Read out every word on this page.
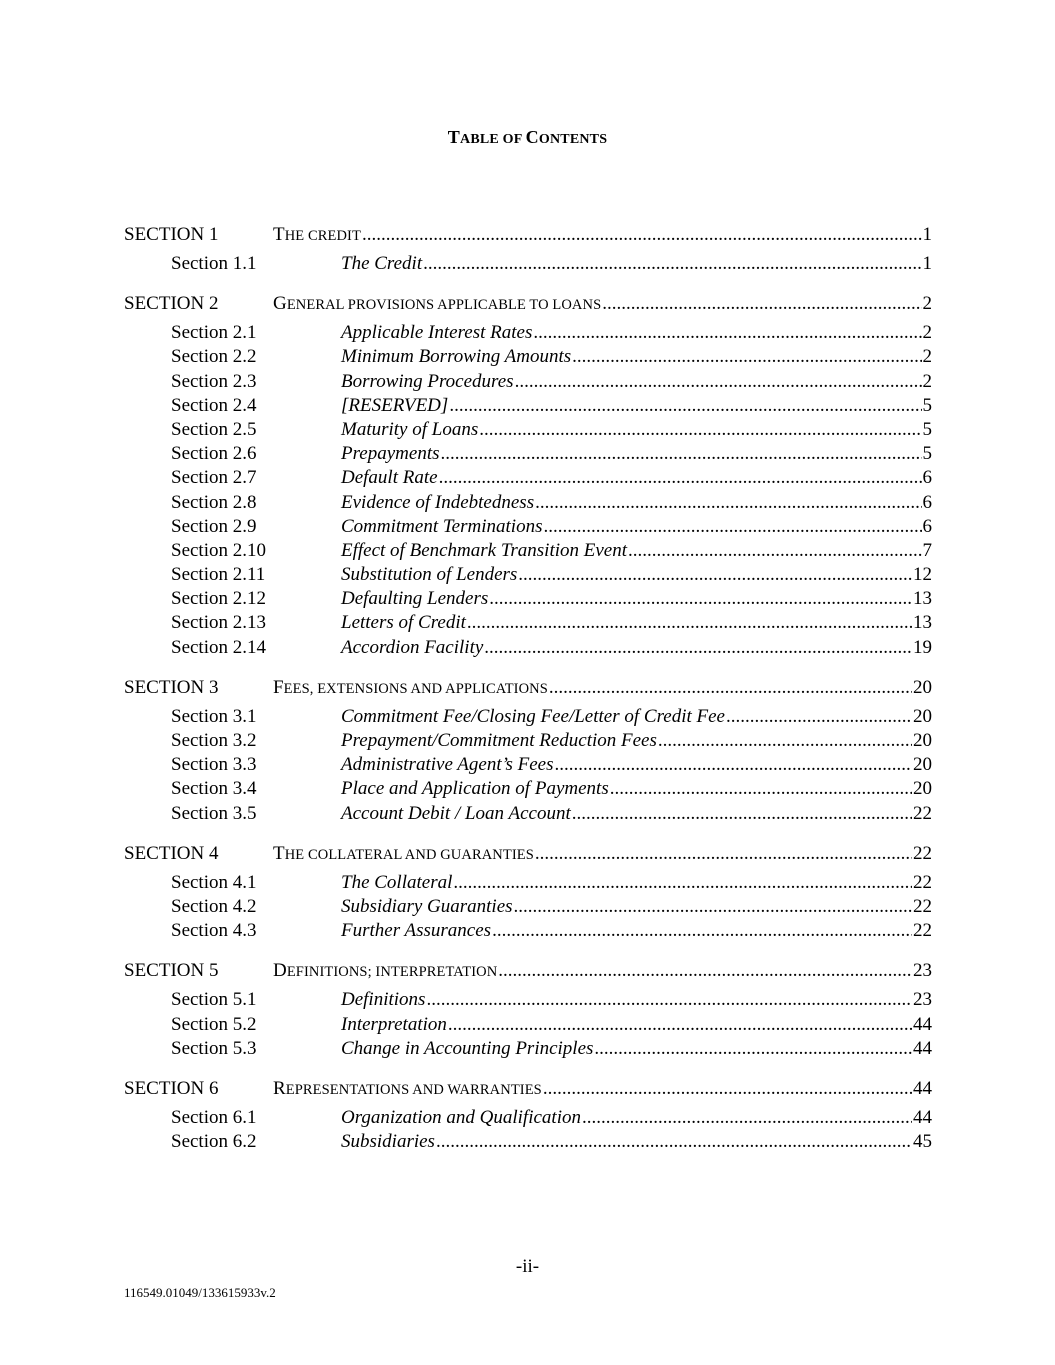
TABLE OF CONTENTS
SECTION 1	THE CREDIT .....	1
Section 1.1	The Credit .....	1
SECTION 2	GENERAL PROVISIONS APPLICABLE TO LOANS .....	2
Section 2.1	Applicable Interest Rates .....	2
Section 2.2	Minimum Borrowing Amounts .....	2
Section 2.3	Borrowing Procedures .....	2
Section 2.4	[RESERVED] .....	5
Section 2.5	Maturity of Loans .....	5
Section 2.6	Prepayments .....	5
Section 2.7	Default Rate .....	6
Section 2.8	Evidence of Indebtedness .....	6
Section 2.9	Commitment Terminations .....	6
Section 2.10	Effect of Benchmark Transition Event .....	7
Section 2.11	Substitution of Lenders .....	12
Section 2.12	Defaulting Lenders .....	13
Section 2.13	Letters of Credit .....	13
Section 2.14	Accordion Facility .....	19
SECTION 3	FEES, EXTENSIONS AND APPLICATIONS .....	20
Section 3.1	Commitment Fee/Closing Fee/Letter of Credit Fee .....	20
Section 3.2	Prepayment/Commitment Reduction Fees .....	20
Section 3.3	Administrative Agent’s Fees .....	20
Section 3.4	Place and Application of Payments .....	20
Section 3.5	Account Debit / Loan Account .....	22
SECTION 4	THE COLLATERAL AND GUARANTIES .....	22
Section 4.1	The Collateral .....	22
Section 4.2	Subsidiary Guaranties .....	22
Section 4.3	Further Assurances .....	22
SECTION 5	DEFINITIONS; INTERPRETATION .....	23
Section 5.1	Definitions .....	23
Section 5.2	Interpretation .....	44
Section 5.3	Change in Accounting Principles .....	44
SECTION 6	REPRESENTATIONS AND WARRANTIES .....	44
Section 6.1	Organization and Qualification .....	44
Section 6.2	Subsidiaries .....	45
-ii-
116549.01049/133615933v.2
